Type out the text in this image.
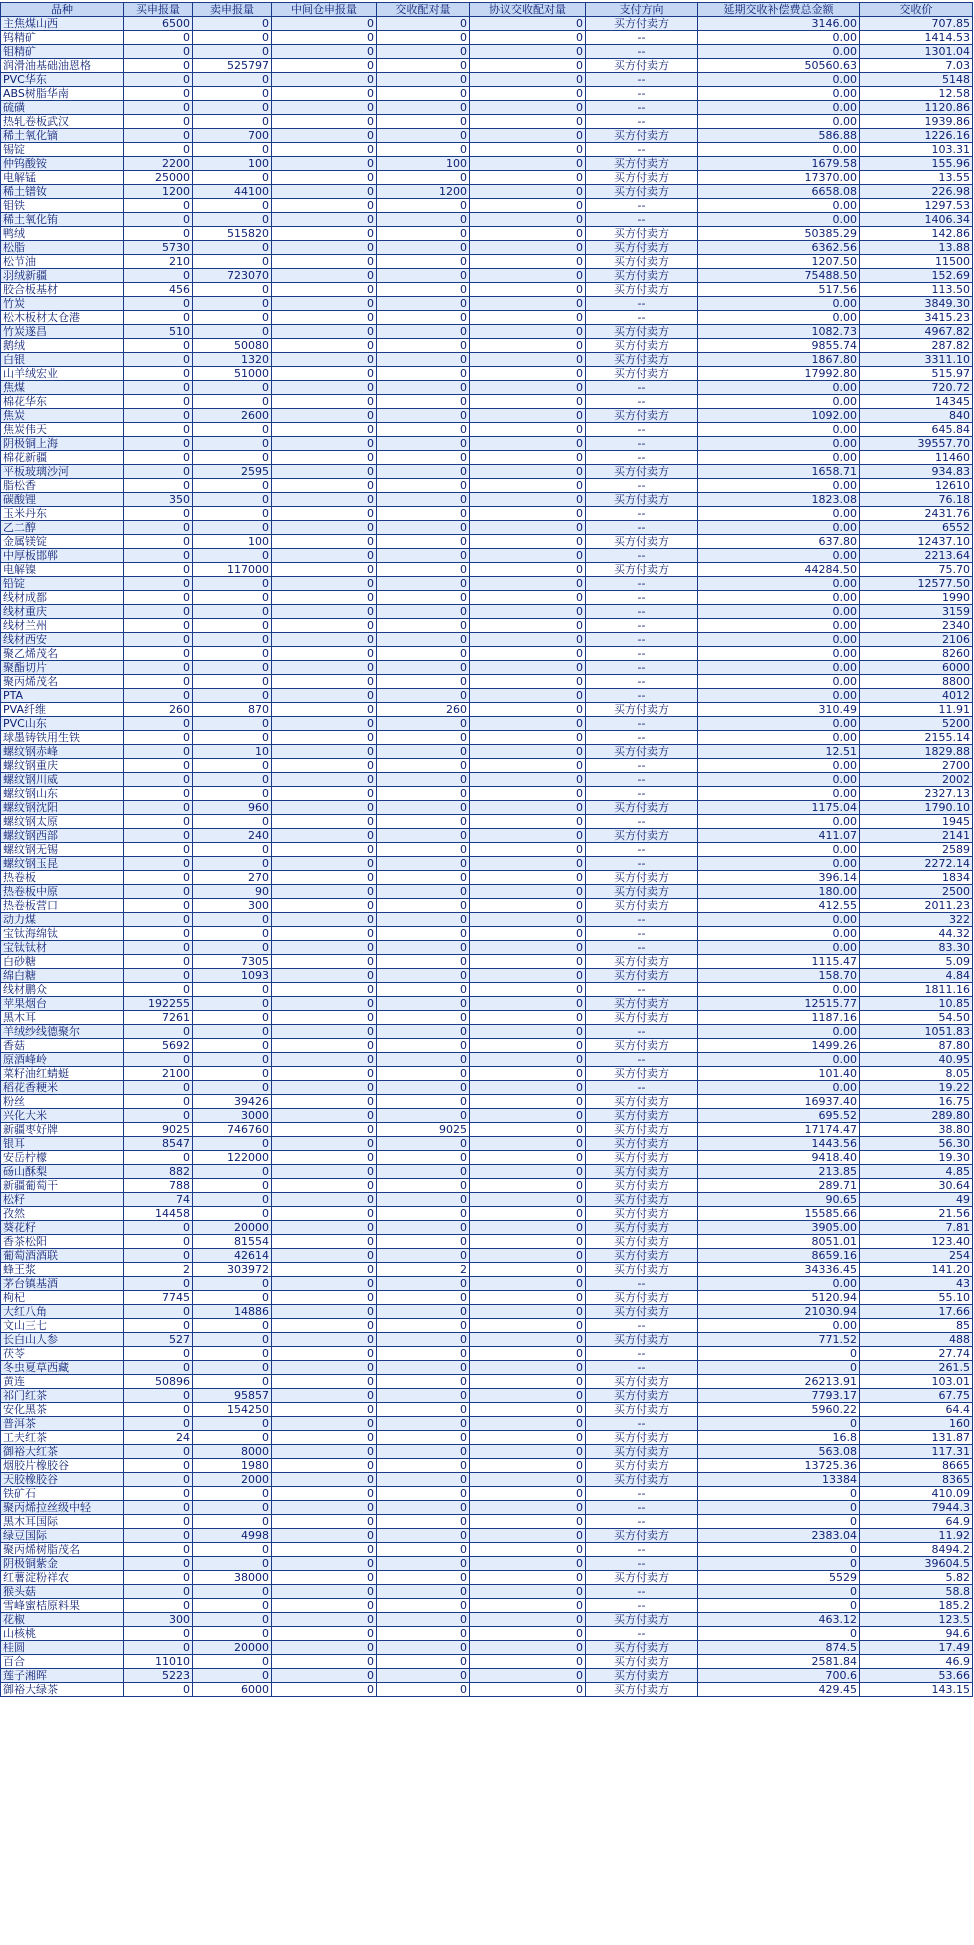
品种	买申报量	卖申报量	中间仓申报量	交收配对量	协议交收配对量	支付方向	延期交收补偿费总金额	交收价
主焦煤山西	6500	0	0	0	0	买方付卖方	3146.00	707.85
钨精矿	0	0	0	0	0	--	0.00	1414.53
钼精矿	0	0	0	0	0	--	0.00	1301.04
润滑油基础油恩格	0	525797	0	0	0	买方付卖方	50560.63	7.03
PVC华东	0	0	0	0	0	--	0.00	5148
ABS树脂华南	0	0	0	0	0	--	0.00	12.58
硫磺	0	0	0	0	0	--	0.00	1120.86
热轧卷板武汉	0	0	0	0	0	--	0.00	1939.86
稀土氧化镝	0	700	0	0	0	买方付卖方	586.88	1226.16
锡锭	0	0	0	0	0	--	0.00	103.31
仲钨酸铵	2200	100	0	100	0	买方付卖方	1679.58	155.96
电解锰	25000	0	0	0	0	买方付卖方	17370.00	13.55
稀土镨钕	1200	44100	0	1200	0	买方付卖方	6658.08	226.98
钼铁	0	0	0	0	0	--	0.00	1297.53
稀土氧化铕	0	0	0	0	0	--	0.00	1406.34
鸭绒	0	515820	0	0	0	买方付卖方	50385.29	142.86
松脂	5730	0	0	0	0	买方付卖方	6362.56	13.88
松节油	210	0	0	0	0	买方付卖方	1207.50	11500
羽绒新疆	0	723070	0	0	0	买方付卖方	75488.50	152.69
胶合板基材	456	0	0	0	0	买方付卖方	517.56	113.50
竹炭	0	0	0	0	0	--	0.00	3849.30
松木板材太仓港	0	0	0	0	0	--	0.00	3415.23
竹炭遂昌	510	0	0	0	0	买方付卖方	1082.73	4967.82
鹅绒	0	50080	0	0	0	买方付卖方	9855.74	287.82
白银	0	1320	0	0	0	买方付卖方	1867.80	3311.10
山羊绒宏业	0	51000	0	0	0	买方付卖方	17992.80	515.97
焦煤	0	0	0	0	0	--	0.00	720.72
棉花华东	0	0	0	0	0	--	0.00	14345
焦炭	0	2600	0	0	0	买方付卖方	1092.00	840
焦炭伟天	0	0	0	0	0	--	0.00	645.84
阴极铜上海	0	0	0	0	0	--	0.00	39557.70
棉花新疆	0	0	0	0	0	--	0.00	11460
平板玻璃沙河	0	2595	0	0	0	买方付卖方	1658.71	934.83
脂松香	0	0	0	0	0	--	0.00	12610
碳酸锂	350	0	0	0	0	买方付卖方	1823.08	76.18
玉米丹东	0	0	0	0	0	--	0.00	2431.76
乙二醇	0	0	0	0	0	--	0.00	6552
金属镁锭	0	100	0	0	0	买方付卖方	637.80	12437.10
中厚板邯郸	0	0	0	0	0	--	0.00	2213.64
电解镍	0	117000	0	0	0	买方付卖方	44284.50	75.70
铅锭	0	0	0	0	0	--	0.00	12577.50
线材成都	0	0	0	0	0	--	0.00	1990
线材重庆	0	0	0	0	0	--	0.00	3159
线材兰州	0	0	0	0	0	--	0.00	2340
线材西安	0	0	0	0	0	--	0.00	2106
聚乙烯茂名	0	0	0	0	0	--	0.00	8260
聚酯切片	0	0	0	0	0	--	0.00	6000
聚丙烯茂名	0	0	0	0	0	--	0.00	8800
PTA	0	0	0	0	0	--	0.00	4012
PVA纤维	260	870	0	260	0	买方付卖方	310.49	11.91
PVC山东	0	0	0	0	0	--	0.00	5200
球墨铸铁用生铁	0	0	0	0	0	--	0.00	2155.14
螺纹钢赤峰	0	10	0	0	0	买方付卖方	12.51	1829.88
螺纹钢重庆	0	0	0	0	0	--	0.00	2700
螺纹钢川威	0	0	0	0	0	--	0.00	2002
螺纹钢山东	0	0	0	0	0	--	0.00	2327.13
螺纹钢沈阳	0	960	0	0	0	买方付卖方	1175.04	1790.10
螺纹钢太原	0	0	0	0	0	--	0.00	1945
螺纹钢西部	0	240	0	0	0	买方付卖方	411.07	2141
螺纹钢无锡	0	0	0	0	0	--	0.00	2589
螺纹钢玉昆	0	0	0	0	0	--	0.00	2272.14
热卷板	0	270	0	0	0	买方付卖方	396.14	1834
热卷板中原	0	90	0	0	0	买方付卖方	180.00	2500
热卷板营口	0	300	0	0	0	买方付卖方	412.55	2011.23
动力煤	0	0	0	0	0	--	0.00	322
宝钛海绵钛	0	0	0	0	0	--	0.00	44.32
宝钛钛材	0	0	0	0	0	--	0.00	83.30
白砂糖	0	7305	0	0	0	买方付卖方	1115.47	5.09
绵白糖	0	1093	0	0	0	买方付卖方	158.70	4.84
线材鹏众	0	0	0	0	0	--	0.00	1811.16
苹果烟台	192255	0	0	0	0	买方付卖方	12515.77	10.85
黑木耳	7261	0	0	0	0	买方付卖方	1187.16	54.50
羊绒纱线德聚尔	0	0	0	0	0	--	0.00	1051.83
香菇	5692	0	0	0	0	买方付卖方	1499.26	87.80
原酒峰岭	0	0	0	0	0	--	0.00	40.95
菜籽油红蜻蜓	2100	0	0	0	0	买方付卖方	101.40	8.05
稻花香粳米	0	0	0	0	0	--	0.00	19.22
粉丝	0	39426	0	0	0	买方付卖方	16937.40	16.75
兴化大米	0	3000	0	0	0	买方付卖方	695.52	289.80
新疆枣好牌	9025	746760	0	9025	0	买方付卖方	17174.47	38.80
银耳	8547	0	0	0	0	买方付卖方	1443.56	56.30
安岳柠檬	0	122000	0	0	0	买方付卖方	9418.40	19.30
砀山酥梨	882	0	0	0	0	买方付卖方	213.85	4.85
新疆葡萄干	788	0	0	0	0	买方付卖方	289.71	30.64
松籽	74	0	0	0	0	买方付卖方	90.65	49
孜然	14458	0	0	0	0	买方付卖方	15585.66	21.56
葵花籽	0	20000	0	0	0	买方付卖方	3905.00	7.81
香茶松阳	0	81554	0	0	0	买方付卖方	8051.01	123.40
葡萄酒酒联	0	42614	0	0	0	买方付卖方	8659.16	254
蜂王浆	2	303972	0	2	0	买方付卖方	34336.45	141.20
茅台镇基酒	0	0	0	0	0	--	0.00	43
枸杞	7745	0	0	0	0	买方付卖方	5120.94	55.10
大红八角	0	14886	0	0	0	买方付卖方	21030.94	17.66
文山三七	0	0	0	0	0	--	0.00	85
长白山人参	527	0	0	0	0	买方付卖方	771.52	488
茯苓	0	0	0	0	0	--	0	27.74
冬虫夏草西藏	0	0	0	0	0	--	0	261.5
黄连	50896	0	0	0	0	买方付卖方	26213.91	103.01
祁门红茶	0	95857	0	0	0	买方付卖方	7793.17	67.75
安化黑茶	0	154250	0	0	0	买方付卖方	5960.22	64.4
普洱茶	0	0	0	0	0	--	0	160
工夫红茶	24	0	0	0	0	买方付卖方	16.8	131.87
御裕大红茶	0	8000	0	0	0	买方付卖方	563.08	117.31
烟胶片橡胶谷	0	1980	0	0	0	买方付卖方	13725.36	8665
天胶橡胶谷	0	2000	0	0	0	买方付卖方	13384	8365
铁矿石	0	0	0	0	0	--	0	410.09
聚丙烯拉丝级中轻	0	0	0	0	0	--	0	7944.3
黑木耳国际	0	0	0	0	0	--	0	64.9
绿豆国际	0	4998	0	0	0	买方付卖方	2383.04	11.92
聚丙烯树脂茂名	0	0	0	0	0	--	0	8494.2
阴极铜紫金	0	0	0	0	0	--	0	39604.5
红薯淀粉祥农	0	38000	0	0	0	买方付卖方	5529	5.82
猴头菇	0	0	0	0	0	--	0	58.8
雪峰蜜桔原料果	0	0	0	0	0	--	0	185.2
花椒	300	0	0	0	0	买方付卖方	463.12	123.5
山核桃	0	0	0	0	0	--	0	94.6
桂圆	0	20000	0	0	0	买方付卖方	874.5	17.49
百合	11010	0	0	0	0	买方付卖方	2581.84	46.9
莲子湘晖	5223	0	0	0	0	买方付卖方	700.6	53.66
御裕大绿茶	0	6000	0	0	0	买方付卖方	429.45	143.15
